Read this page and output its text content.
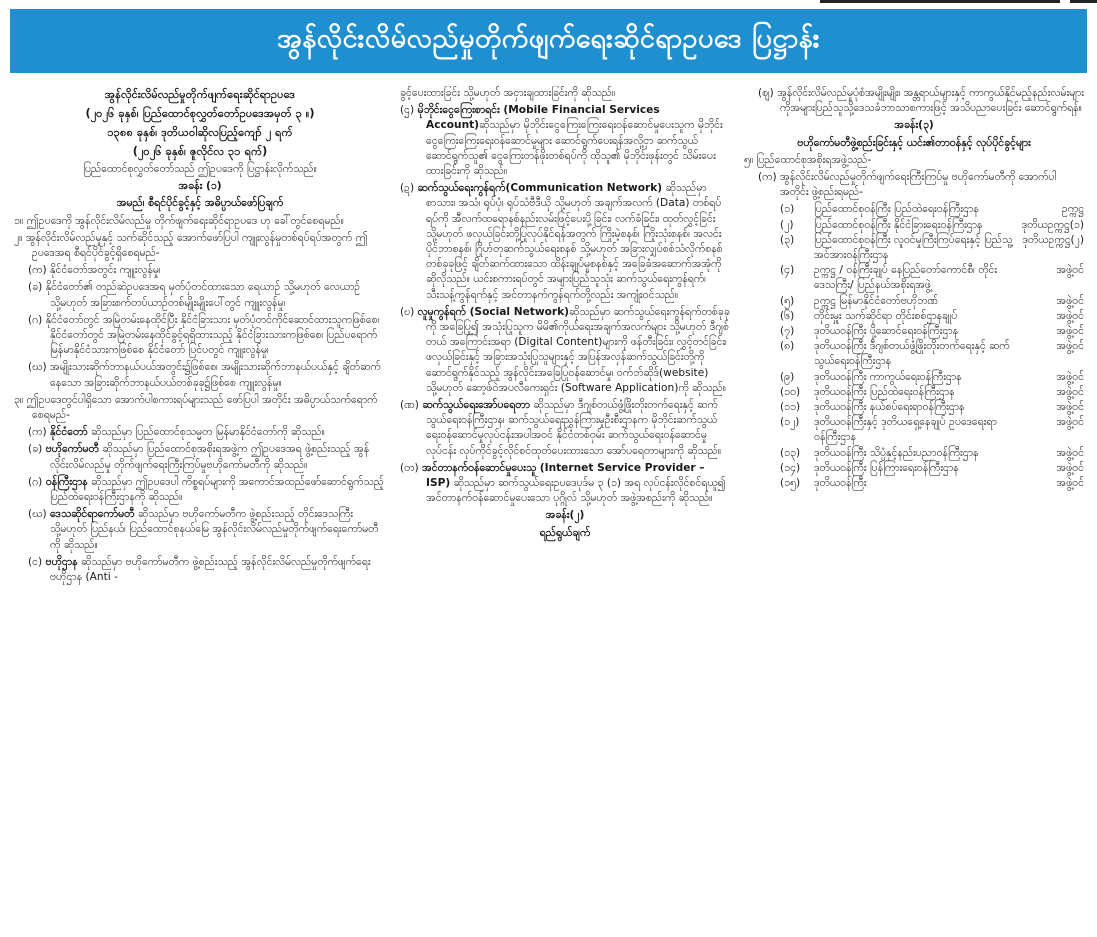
အွန်လိုင်းလိမ်လည်မှုတိုက်ဖျက်ရေးဆိုင်ရာဥပဒေ ပြဋ္ဌာန်း

အွန်လိုင်းလိမ်လည်မှုတိုက်ဖျက်ရေးဆိုင်ရာဥပဒေ

(၂၀၂၆ ခုနှစ်၊ ပြည်ထောင်စုလွှတ်တော်ဥပဒေအမှတ် ၃ ။)

၁၃၈၈ ခုနှစ်၊ ဒုတိယဝါဆိုလပြည့်ကျော် ၂ ရက်

(၂၀၂၆ ခုနှစ်၊ ဇူလိုင်လ ၃၁ ရက်)

ပြည်ထောင်စုလွှတ်တော်သည် ဤဥပဒေကို ပြဋ္ဌာန်းလိုက်သည်။

အခန်း (၁)

အမည်၊ စီရင်ပိုင်ခွင့်နှင့် အဓိပ္ပာယ်ဖော်ပြချက်

၁။ ဤဥပဒေကို အွန်လိုင်းလိမ်လည်မှု တိုက်ဖျက်ရေးဆိုင်ရာဥပဒေ ဟု ခေါ်တွင်စေရမည်။

၂။ အွန်လိုင်းလိမ်လည်မှုနှင့် သက်ဆိုင်သည့် အောက်ဖော်ပြပါ ကျူးလွန်မှုတစ်ရပ်ရပ်အတွက် ဤဥပဒေအရ စီရင်ပိုင်ခွင့်ရှိစေရမည်-

(က) နိုင်ငံတော်အတွင်း ကျူးလွန်မှု၊

(ခ) နိုင်ငံတော်၏ တည်ဆဲဥပဒေအရ မှတ်ပုံတင်ထားသော ရေယာဉ် သို့မဟုတ် လေယာဉ် သို့မဟုတ် အခြားစက်တပ်ယာဉ်တစ်မျိုးမျိုးပေါ်တွင် ကျူးလွန်မှု၊

(ဂ) နိုင်ငံတော်တွင် အမြဲတမ်းနေထိုင်ပြီး နိုင်ငံခြားသား မှတ်ပုံတင်ကိုင်ဆောင်ထားသူကဖြစ်စေ၊ နိုင်ငံတော်တွင် အမြဲတမ်းနေထိုင်ခွင့်ရရှိထားသည့် နိုင်ငံခြားသားကဖြစ်စေ၊ ပြည်ပရောက် မြန်မာနိုင်ငံသားကဖြစ်စေ နိုင်ငံတော် ပြင်ပတွင် ကျူးလွန်မှု၊

(ဃ) အမျိုးသားဆိုက်ဘာနယ်ပယ်အတွင်း၌ဖြစ်စေ၊ အမျိုးသားဆိုက်ဘာနယ်ပယ်နှင့် ချိတ်ဆက်နေသော အခြားဆိုက်ဘာနယ်ပယ်တစ်ခုခု၌ဖြစ်စေ ကျူးလွန်မှု။

၃။ ဤဥပဒေတွင်ပါရှိသော အောက်ပါစကားရပ်များသည် ဖော်ပြပါ အတိုင်း အဓိပ္ပာယ်သက်ရောက်စေရမည်-

(က) နိုင်ငံတော် ဆိုသည်မှာ ပြည်ထောင်စုသမ္မတ မြန်မာနိုင်ငံတော်ကို ဆိုသည်။

(ခ) ဗဟိုကော်မတီ ဆိုသည်မှာ ပြည်ထောင်စုအစိုးရအဖွဲ့က ဤဥပဒေအရ ဖွဲ့စည်းသည့် အွန်လိုင်းလိမ်လည်မှု တိုက်ဖျက်ရေးကြီးကြပ်မှုဗဟိုကော်မတီကို ဆိုသည်။

(ဂ) ဝန်ကြီးဌာန ဆိုသည်မှာ ဤဥပဒေပါ ကိစ္စရပ်များကို အကောင်အထည်ဖော်ဆောင်ရွက်သည့် ပြည်ထဲရေးဝန်ကြီးဌာနကို ဆိုသည်။

(ဃ) ဒေသဆိုင်ရာကော်မတီ ဆိုသည်မှာ ဗဟိုကော်မတီက ဖွဲ့စည်းသည့် တိုင်းဒေသကြီး သို့မဟုတ် ပြည်နယ်၊ ပြည်ထောင်စုနယ်မြေ အွန်လိုင်းလိမ်လည်မှုတိုက်ဖျက်ရေးကော်မတီကို ဆိုသည်။

(င) ဗဟိုဌာန ဆိုသည်မှာ ဗဟိုကော်မတီက ဖွဲ့စည်းသည့် အွန်လိုင်းလိမ်လည်မှုတိုက်ဖျက်ရေးဗဟိုဌာန (Anti -

ခွင့်ပေးထားခြင်း သို့မဟုတ် အငှားချထားခြင်းကို ဆိုသည်။

(ဌ) မိုဘိုင်းငွေကြေးစာရင်း (Mobile Financial Services Account)ဆိုသည်မှာ မိုဘိုင်းငွေကြေးကြေးရေးဝန်ဆောင်မှုပေးသူက မိုဘိုင်းငွေကြေးကြေးရေးဝန်ဆောင်မှုများ ဆောင်ရွက်ပေးရန်အလို့ငှာ ဆက်သွယ်ဆောင်ရွက်သူ၏ ငွေကြေးတန်ဖိုးတစ်ရပ်ကို ထိုသူ၏ မိုဘိုင်းဖုန်းတွင် သိမ်းပေးထားခြင်းကို ဆိုသည်။

(ဍ) ဆက်သွယ်ရေးကွန်ရက်(Communication Network) ဆိုသည်မှာ စာသား၊ အသံ၊ ရုပ်ပုံ၊ ရုပ်သံဗီဒီယို သို့မဟုတ် အချက်အလက် (Data) တစ်ရပ်ရပ်ကို အီလက်ထရောနစ်နည်းလမ်းဖြင့်ပေးပို့ခြင်း၊ လက်ခံခြင်း၊ ထုတ်လွှင့်ခြင်း သို့မဟုတ် ဖလှယ်ခြင်းတို့ပြုလုပ်နိုင်ရန်အတွက် ကြိုးမဲ့စနစ်၊ ကြိုးသုံးစနစ်၊ အလင်းပိုင်ဘာစနစ်၊ ဂြိုဟ်တုဆက်သွယ်ရေးစနစ် သို့မဟုတ် အခြားလျှပ်စစ်သံလိုက်စနစ်တစ်ခုခုဖြင့် ချိတ်ဆက်ထားသော ထိန်းချုပ်မှုစနစ်နှင့် အခြေခံအဆောက်အအုံကိုဆိုလိုသည်။ ယင်းစကားရပ်တွင် အများပြည်သူသုံး ဆက်သွယ်ရေးကွန်ရက်၊ သီးသန့်ကွန်ရက်နှင့် အင်တာနက်ကွန်ရက်တို့လည်း အကျုံးဝင်သည်။

(ဎ) လူမှုကွန်ရက် (Social Network)ဆိုသည်မှာ ဆက်သွယ်ရေးကွန်ရက်တစ်ခုခုကို အခြေပြု၍ အသုံးပြုသူက မိမိ၏ကိုယ်ရေးအချက်အလက်များ သို့မဟုတ် ဒီဂျစ်တယ် အကြောင်းအရာ (Digital Content)များကို ဖန်တီးခြင်း၊ လွှင့်တင်ခြင်း၊ ဖလှယ်ခြင်းနှင့် အခြားအသုံးပြုသူများနှင့် အပြန်အလှန်ဆက်သွယ်ခြင်းတို့ကို ဆောင်ရွက်နိုင်သည့် အွန်လိုင်းအခြေပြုဝန်ဆောင်မှု၊ ဝက်ဘ်ဆိုဒ်(website) သို့မဟုတ် ဆော့ဖ်ဝဲအပလီကေးရှင်း (Software Application)ကို ဆိုသည်။

(ဏ) ဆက်သွယ်ရေးအော်ပရေတာ ဆိုသည်မှာ ဒီဂျစ်တယ်ဖွံ့ဖြိုးတိုးတက်ရေးနှင့် ဆက်သွယ်ရေးဝန်ကြီးဌာန၊ ဆက်သွယ်ရေးညွှန်ကြားမှုဦးစီးဌာနက မိုဘိုင်းဆက်သွယ်ရေးဝန်ဆောင်မှုလုပ်ငန်းအပါအဝင် နိုင်ငံတစ်ဝှမ်း ဆက်သွယ်ရေးဝန်ဆောင်မှုလုပ်ငန်း လုပ်ကိုင်ခွင့်လိုင်စင်ထုတ်ပေးထားသော အော်ပရေတာများကို ဆိုသည်။

(တ) အင်တာနက်ဝန်ဆောင်မှုပေးသူ (Internet Service Provider – ISP) ဆိုသည်မှာ ဆက်သွယ်ရေးဥပဒေပုဒ်မ ၃ (၁) အရ လုပ်ငန်းလိုင်စင်ရယူ၍ အင်တာနက်ဝန်ဆောင်မှုပေးသော ပုဂ္ဂိုလ် သို့မဟုတ် အဖွဲ့အစည်းကို ဆိုသည်။

အခန်း(၂)

ရည်ရွယ်ချက်

(ဈ) အွန်လိုင်းလိမ်လည်မှုပုံစံအမျိုးမျိုး၊ အန္တရာယ်များနှင့် ကာကွယ်နိုင်မည့်နည်းလမ်းများကိုအများပြည်သူသို့ဒေသခံဘာသာစကားဖြင့် အသိပညာပေးခြင်း ဆောင်ရွက်ရန်။

အခန်း(၃)

ဗဟိုကော်မတီဖွဲ့စည်းခြင်းနှင့် ယင်း၏တာဝန်နှင့် လုပ်ပိုင်ခွင့်များ

၅။ ပြည်ထောင်စုအစိုးရအဖွဲ့သည်-

(က) အွန်လိုင်းလိမ်လည်မှုတိုက်ဖျက်ရေးကြီးကြပ်မှု ဗဟိုကော်မတီကို အောက်ပါအတိုင်း ဖွဲ့စည်းရမည်-

(၁)	ပြည်ထောင်စုဝန်ကြီး ပြည်ထဲရေးဝန်ကြီးဌာန	ဥက္ကဋ္ဌ
(၂)	ပြည်ထောင်စုဝန်ကြီး နိုင်ငံခြားရေးဝန်ကြီးဌာန	ဒုတိယဥက္ကဋ္ဌ(၁)
(၃)	ပြည်ထောင်စုဝန်ကြီး လူဝင်မှုကြီးကြပ်ရေးနှင့် ပြည်သူ့အင်အားဝန်ကြီးဌာန
ဒုတိယဥက္ကဋ္ဌ(၂)
(၄)	ဥက္ကဋ္ဌ / ဝန်ကြီးချုပ် နေပြည်တော်ကောင်စီ၊ တိုင်းဒေသကြီး/ ပြည်နယ်အစိုးရအဖွဲ့
အဖွဲ့ဝင်
(၅)	ဥက္ကဋ္ဌ မြန်မာနိုင်ငံတော်ဗဟိုဘဏ်	အဖွဲ့ဝင်
(၆)	တိုင်းမှူး သက်ဆိုင်ရာ တိုင်းစစ်ဌာနချုပ်	အဖွဲ့ဝင်
(၇)	ဒုတိယဝန်ကြီး ပို့ဆောင်ရေးဝန်ကြီးဌာန	အဖွဲ့ဝင်
(၈)	ဒုတိယဝန်ကြီး ဒီဂျစ်တယ်ဖွံ့ဖြိုးတိုးတက်ရေးနှင့် ဆက်သွယ်ရေးဝန်ကြီးဌာန
အဖွဲ့ဝင်
(၉)	ဒုတိယဝန်ကြီး ကာကွယ်ရေးဝန်ကြီးဌာန	အဖွဲ့ဝင်
(၁၀)	ဒုတိယဝန်ကြီး ပြည်ထဲရေးဝန်ကြီးဌာန	အဖွဲ့ဝင်
(၁၁)	ဒုတိယဝန်ကြီး နယ်စပ်ရေးရာဝန်ကြီးဌာန	အဖွဲ့ဝင်
(၁၂)	ဒုတိယဝန်ကြီးနှင့် ဒုတိယရှေ့နေချုပ် ဥပဒေရေးရာဝန်ကြီးဌာန
အဖွဲ့ဝင်
(၁၃)	ဒုတိယဝန်ကြီး သိပ္ပံနှင့်နည်းပညာဝန်ကြီးဌာန	အဖွဲ့ဝင်
(၁၄)	ဒုတိယဝန်ကြီး ပြန်ကြားရေးဝန်ကြီးဌာန	အဖွဲ့ဝင်
(၁၅)	ဒုတိယဝန်ကြီး	အဖွဲ့ဝင်
